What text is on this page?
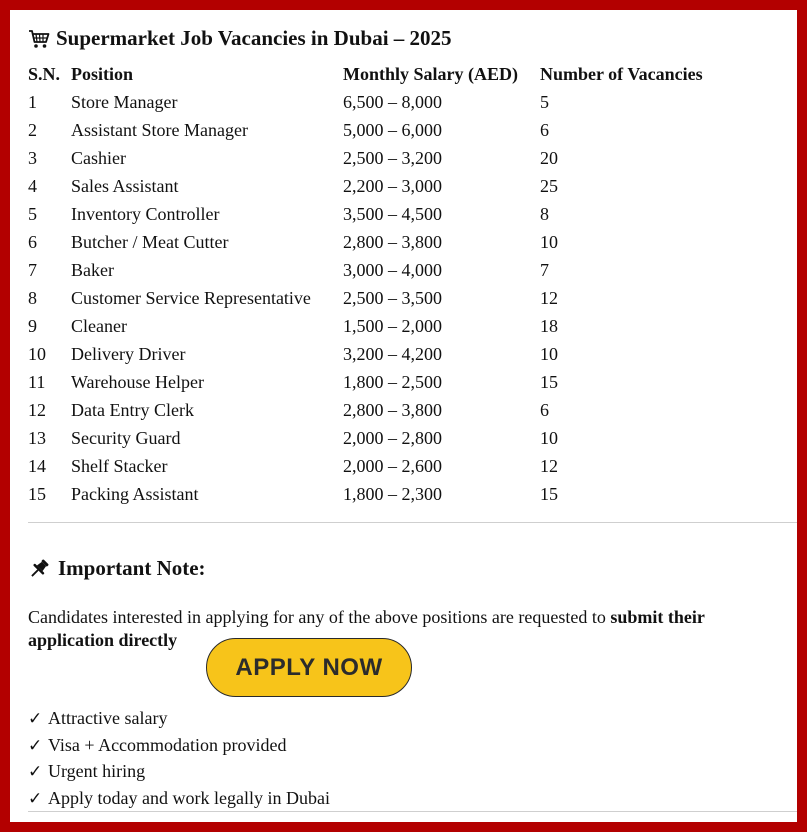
Supermarket Job Vacancies in Dubai – 2025
S.N.	Position	Monthly Salary (AED)	Number of Vacancies
1	Store Manager	6,500 – 8,000	5
2	Assistant Store Manager	5,000 – 6,000	6
3	Cashier	2,500 – 3,200	20
4	Sales Assistant	2,200 – 3,000	25
5	Inventory Controller	3,500 – 4,500	8
6	Butcher / Meat Cutter	2,800 – 3,800	10
7	Baker	3,000 – 4,000	7
8	Customer Service Representative	2,500 – 3,500	12
9	Cleaner	1,500 – 2,000	18
10	Delivery Driver	3,200 – 4,200	10
11	Warehouse Helper	1,800 – 2,500	15
12	Data Entry Clerk	2,800 – 3,800	6
13	Security Guard	2,000 – 2,800	10
14	Shelf Stacker	2,000 – 2,600	12
15	Packing Assistant	1,800 – 2,300	15
Important Note:
Candidates interested in applying for any of the above positions are requested to submit their application directly
APPLY NOW
✓ Attractive salary
✓ Visa + Accommodation provided
✓ Urgent hiring
✓ Apply today and work legally in Dubai
